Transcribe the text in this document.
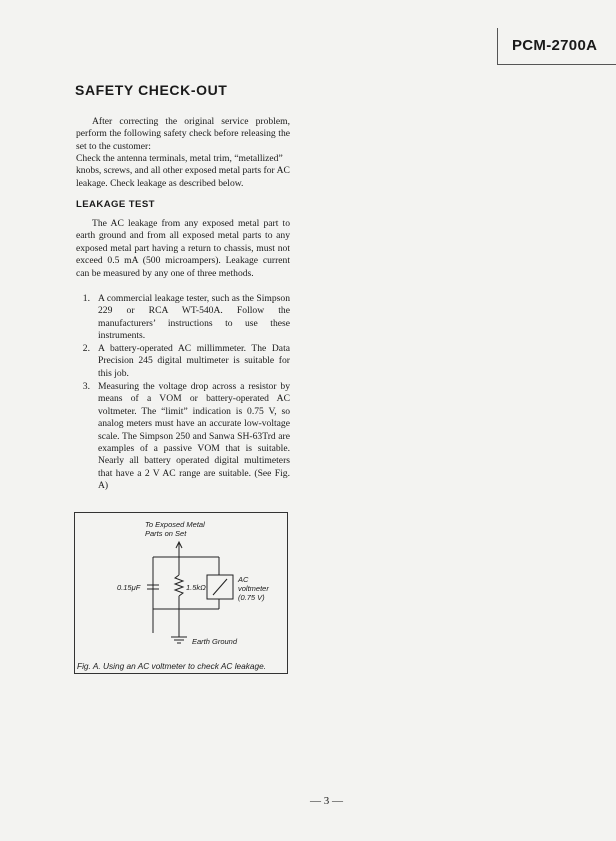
PCM-2700A
SAFETY CHECK-OUT
After correcting the original service problem, perform the following safety check before releasing the set to the customer:
Check the antenna terminals, metal trim, “metallized” knobs, screws, and all other exposed metal parts for AC leakage. Check leakage as described below.
LEAKAGE TEST
The AC leakage from any exposed metal part to earth ground and from all exposed metal parts to any exposed metal part having a return to chassis, must not exceed 0.5 mA (500 microampers). Leakage current can be measured by any one of three methods.
1. A commercial leakage tester, such as the Simpson 229 or RCA WT-540A. Follow the manufacturers’ instructions to use these instruments.
2. A battery-operated AC millimmeter. The Data Precision 245 digital multimeter is suitable for this job.
3. Measuring the voltage drop across a resistor by means of a VOM or battery-operated AC voltmeter. The “limit” indication is 0.75 V, so analog meters must have an accurate low-voltage scale. The Simpson 250 and Sanwa SH-63Trd are examples of a passive VOM that is suitable. Nearly all battery operated digital multimeters that have a 2 V AC range are suitable. (See Fig. A)
To Exposed Metal
Parts on Set
0.15μF	1.5kΩ
AC
voltmeter
(0.75 V)
Earth Ground
Fig. A. Using an AC voltmeter to check AC leakage.
— 3 —
